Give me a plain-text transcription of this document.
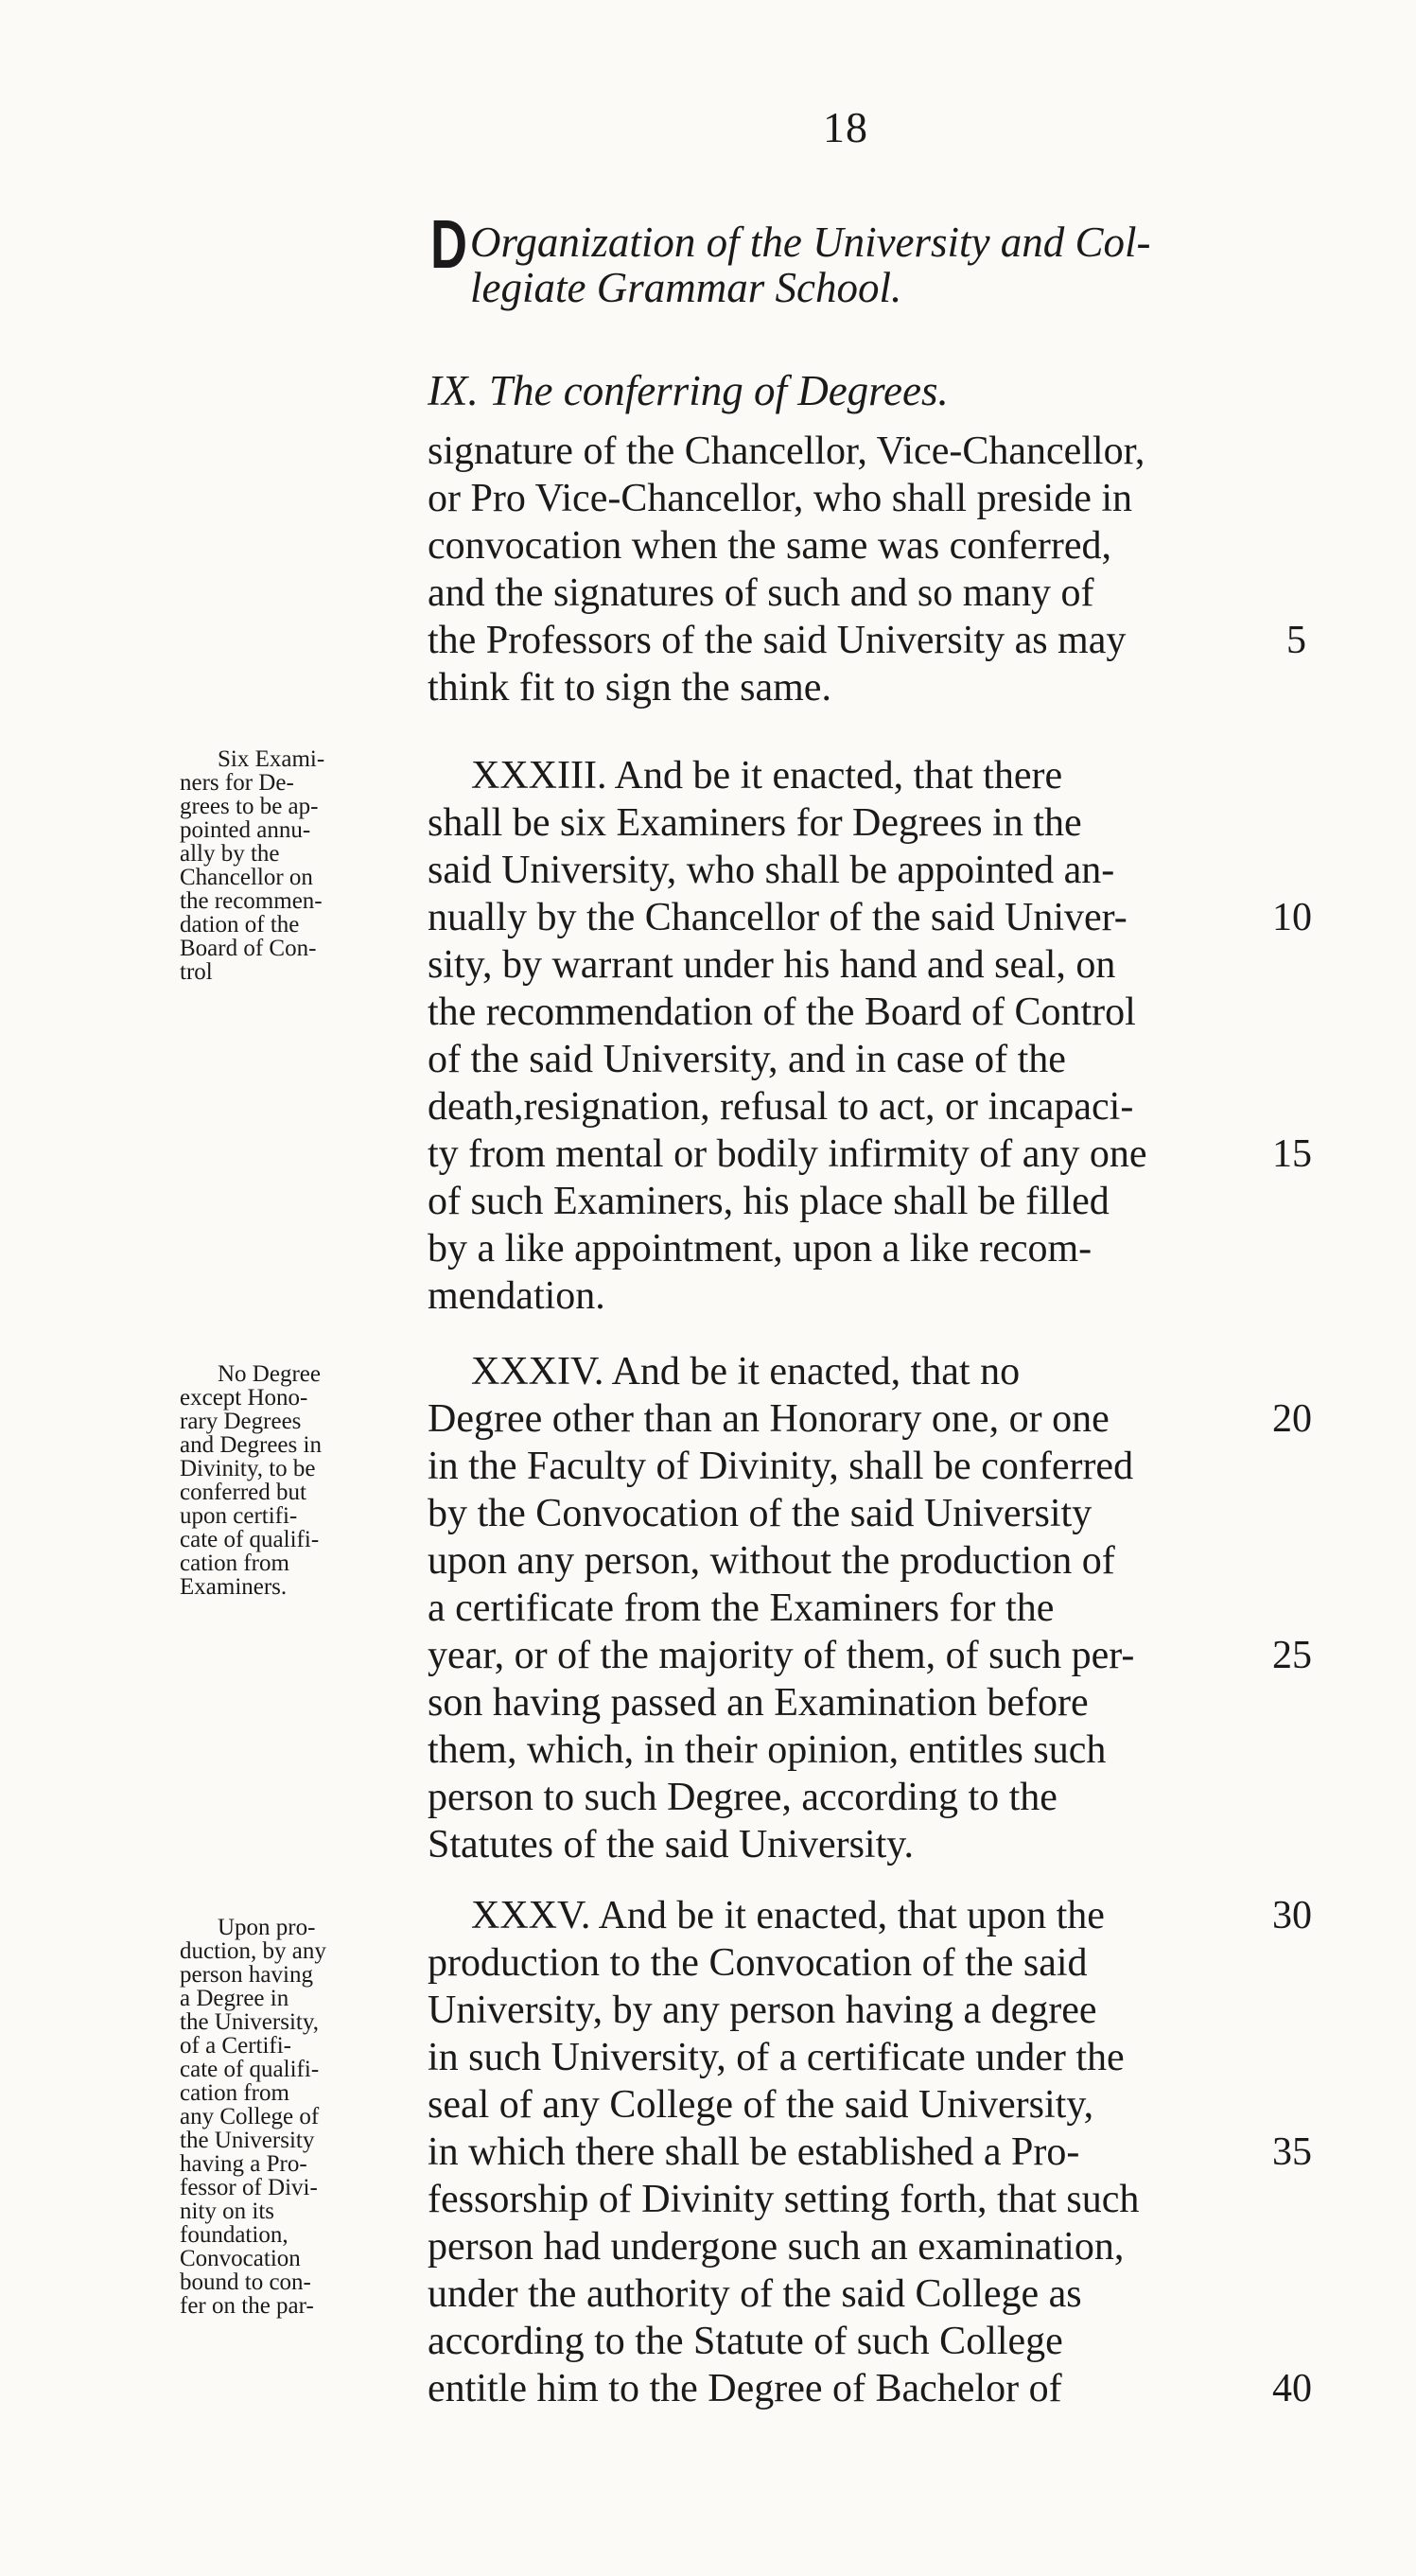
18
D Organization of the University and Col-
legiate Grammar School.
IX. The conferring of Degrees.
signature of the Chancellor, Vice-Chancellor,
or Pro Vice-Chancellor, who shall preside in
convocation when the same was conferred,
and the signatures of such and so many of
the Professors of the said University as may
think fit to sign the same.
5
Six Exami-
ners for De-
grees to be ap-
pointed annu-
ally by the
Chancellor on
the recommen-
dation of the
Board of Con-
trol
XXXIII. And be it enacted, that there
shall be six Examiners for Degrees in the
said University, who shall be appointed an-
nually by the Chancellor of the said Univer-
sity, by warrant under his hand and seal, on
the recommendation of the Board of Control
of the said University, and in case of the
death,resignation, refusal to act, or incapaci-
ty from mental or bodily infirmity of any one
of such Examiners, his place shall be filled
by a like appointment, upon a like recom-
mendation.
10
15
No Degree
except Hono-
rary Degrees
and Degrees in
Divinity, to be
conferred but
upon certifi-
cate of qualifi-
cation from
Examiners.
XXXIV. And be it enacted, that no
Degree other than an Honorary one, or one
in the Faculty of Divinity, shall be conferred
by the Convocation of the said University
upon any person, without the production of
a certificate from the Examiners for the
year, or of the majority of them, of such per-
son having passed an Examination before
them, which, in their opinion, entitles such
person to such Degree, according to the
Statutes of the said University.
20
25
Upon pro-
duction, by any
person having
a Degree in
the University,
of a Certifi-
cate of qualifi-
cation from
any College of
the University
having a Pro-
fessor of Divi-
nity on its
foundation,
Convocation
bound to con-
fer on the par-
XXXV. And be it enacted, that upon the
production to the Convocation of the said
University, by any person having a degree
in such University, of a certificate under the
seal of any College of the said University,
in which there shall be established a Pro-
fessorship of Divinity setting forth, that such
person had undergone such an examination,
under the authority of the said College as
according to the Statute of such College
entitle him to the Degree of Bachelor of
30
35
40
